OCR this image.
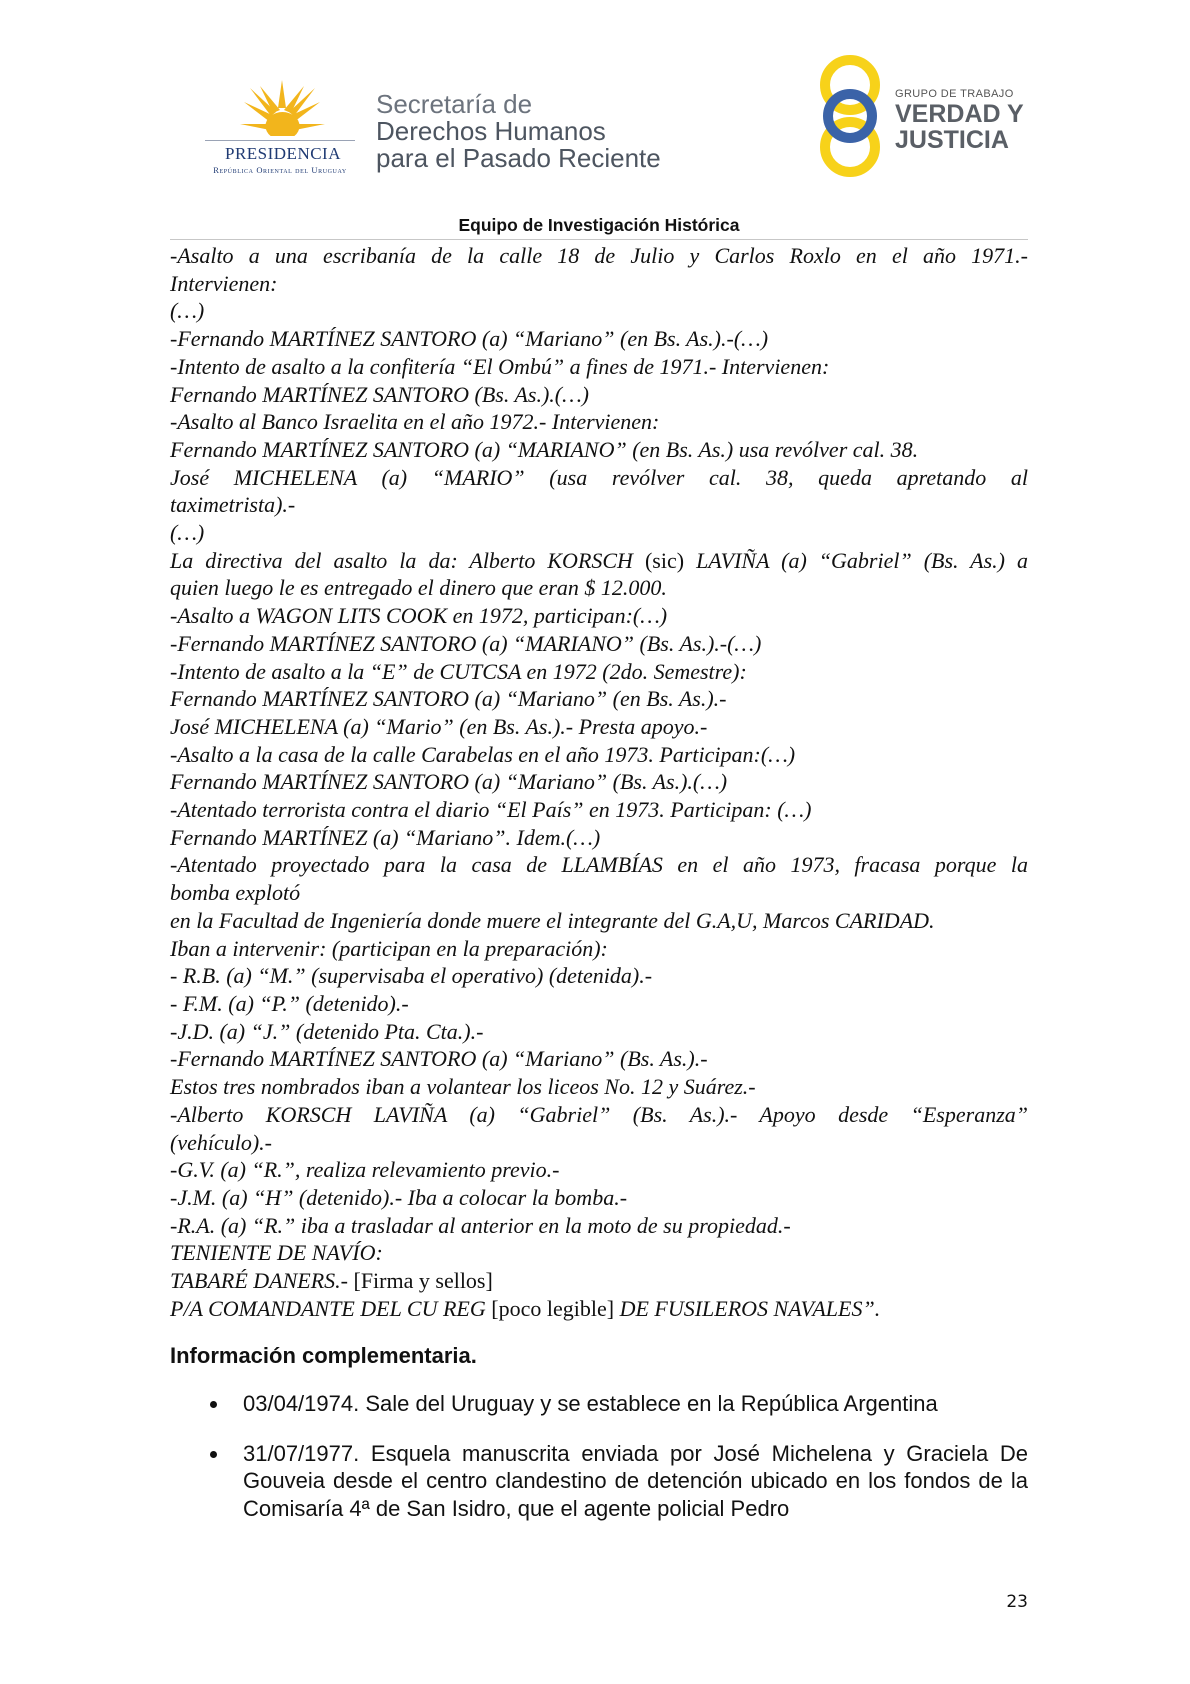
PRESIDENCIA
República Oriental del Uruguay
Secretaría de
Derechos Humanos
para el Pasado Reciente
GRUPO DE TRABAJO
VERDAD Y
JUSTICIA
Equipo de Investigación Histórica
-Asalto a una escribanía de la calle 18 de Julio y Carlos Roxlo en el año 1971.-
Intervienen:
(…)
-Fernando MARTÍNEZ SANTORO (a) “Mariano” (en Bs. As.).-(…)
-Intento de asalto a la confitería “El Ombú” a fines de 1971.- Intervienen:
Fernando MARTÍNEZ SANTORO (Bs. As.).(…)
-Asalto al Banco Israelita en el año 1972.- Intervienen:
Fernando MARTÍNEZ SANTORO (a) “MARIANO” (en Bs. As.) usa revólver cal. 38.
José MICHELENA (a) “MARIO” (usa revólver cal. 38, queda apretando al
taximetrista).-
(…)
La directiva del asalto la da: Alberto KORSCH (sic) LAVIÑA (a) “Gabriel” (Bs. As.) a
quien luego le es entregado el dinero que eran $ 12.000.
-Asalto a WAGON LITS COOK en 1972, participan:(…)
-Fernando MARTÍNEZ SANTORO (a) “MARIANO” (Bs. As.).-(…)
-Intento de asalto a la “E” de CUTCSA en 1972 (2do. Semestre):
Fernando MARTÍNEZ SANTORO (a) “Mariano” (en Bs. As.).-
José MICHELENA (a) “Mario” (en Bs. As.).- Presta apoyo.-
-Asalto a la casa de la calle Carabelas en el año 1973. Participan:(…)
Fernando MARTÍNEZ SANTORO (a) “Mariano” (Bs. As.).(…)
-Atentado terrorista contra el diario “El País” en 1973. Participan: (…)
Fernando MARTÍNEZ (a) “Mariano”. Idem.(…)
-Atentado proyectado para la casa de LLAMBÍAS en el año 1973, fracasa porque la
bomba explotó
en la Facultad de Ingeniería donde muere el integrante del G.A,U, Marcos CARIDAD.
Iban a intervenir: (participan en la preparación):
- R.B. (a) “M.” (supervisaba el operativo) (detenida).-
- F.M. (a) “P.” (detenido).-
-J.D. (a) “J.” (detenido Pta. Cta.).-
-Fernando MARTÍNEZ SANTORO (a) “Mariano” (Bs. As.).-
Estos tres nombrados iban a volantear los liceos No. 12 y Suárez.-
-Alberto KORSCH LAVIÑA (a) “Gabriel” (Bs. As.).- Apoyo desde “Esperanza”
(vehículo).-
-G.V. (a) “R.”, realiza relevamiento previo.-
-J.M. (a) “H” (detenido).- Iba a colocar la bomba.-
-R.A. (a) “R.” iba a trasladar al anterior en la moto de su propiedad.-
TENIENTE DE NAVÍO:
TABARÉ DANERS.- [Firma y sellos]
P/A COMANDANTE DEL CU REG [poco legible] DE FUSILEROS NAVALES”.
Información complementaria.
03/04/1974. Sale del Uruguay y se establece en la República Argentina
31/07/1977. Esquela manuscrita enviada por José Michelena y Graciela De Gouveia desde el centro clandestino de detención ubicado en los fondos de la Comisaría 4ª de San Isidro, que el agente policial Pedro
23
